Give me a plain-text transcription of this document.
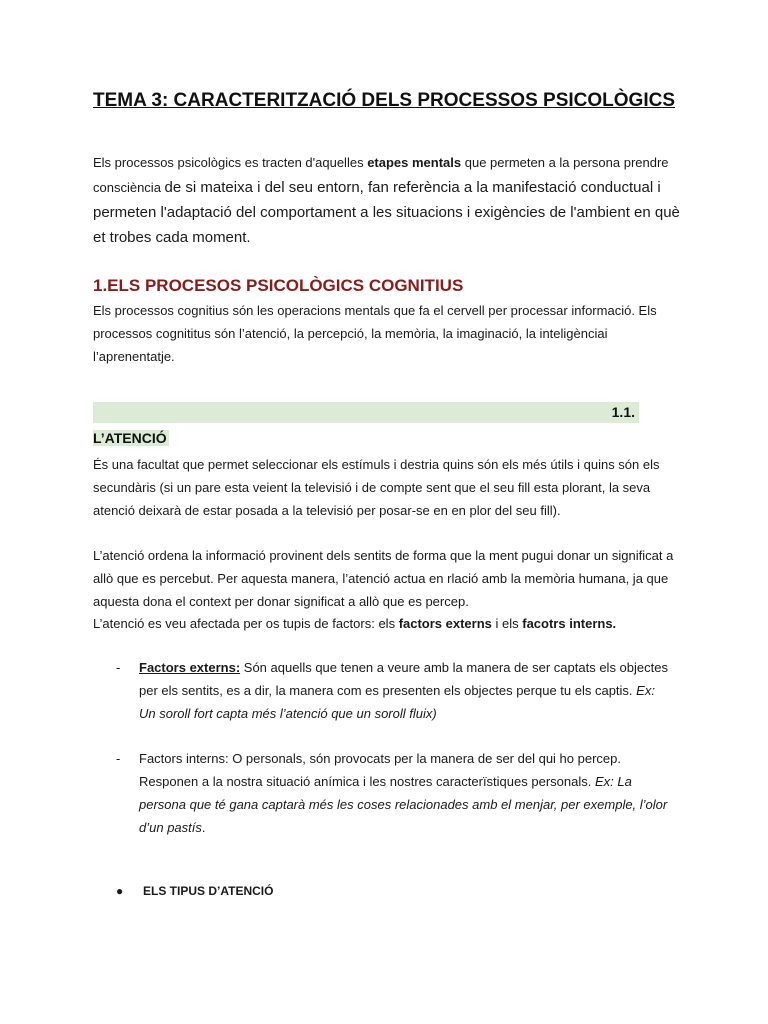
TEMA 3: CARACTERITZACIÓ DELS PROCESSOS PSICOLÒGICS
Els processos psicològics es tracten d'aquelles etapes mentals que permeten a la persona prendre consciència de si mateixa i del seu entorn, fan referència a la manifestació conductual i permeten l'adaptació del comportament a les situacions i exigències de l'ambient en què et trobes cada moment.
1.ELS PROCESOS PSICOLÒGICS COGNITIUS
Els processos cognitius són les operacions mentals que fa el cervell per processar informació. Els processos cognititus són l’atenció, la percepció, la memòria, la imaginació, la inteligènciai l’aprenentatje.
1.1.
L’ATENCIÓ
És una facultat que permet seleccionar els estímuls i destria quins són els més útils i quins són els secundàris (si un pare esta veient la televisió i de compte sent que el seu fill esta plorant, la seva atenció deixarà de estar posada a la televisió per posar-se en en plor del seu fill).
L’atenció ordena la informació provinent dels sentits de forma que la ment pugui donar un significat a allò que es percebut. Per aquesta manera, l’atenció actua en rlació amb la memòria humana, ja que aquesta dona el context per donar significat a allò que es percep.
L’atenció es veu afectada per os tupis de factors: els factors externs i els facotrs interns.
- Factors externs: Són aquells que tenen a veure amb la manera de ser captats els objectes per els sentits, es a dir, la manera com es presenten els objectes perque tu els captis. Ex: Un soroll fort capta més l’atenció que un soroll fluix)
- Factors interns: O personals, són provocats per la manera de ser del qui ho percep. Responen a la nostra situació anímica i les nostres caracterïstiques personals. Ex: La persona que té gana captarà més les coses relacionades amb el menjar, per exemple, l’olor d’un pastís.
● ELS TIPUS D’ATENCIÓ
